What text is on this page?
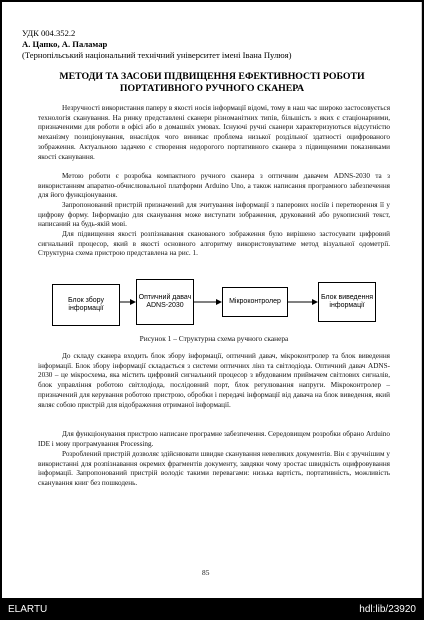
УДК 004.352.2
А. Цапко, А. Паламар
(Тернопільський національний технічний університет імені Івана Пулюя)
МЕТОДИ ТА ЗАСОБИ ПІДВИЩЕННЯ ЕФЕКТИВНОСТІ РОБОТИ
ПОРТАТИВНОГО РУЧНОГО СКАНЕРА
Незручності використання паперу в якості носія інформації відомі, тому в наш час широко застосовується технологія сканування. На ринку представлені сканери різноманітних типів, більшість з яких є стаціонарними, призначеними для роботи в офісі або в домашніх умовах. Існуючі ручні сканери характеризуються відсутністю механізму позиціонування, внаслідок чого виникає проблема низької роздільної здатності оцифрованого зображення. Актуальною задачею є створення недорогого портативного сканера з підвищеними показниками якості сканування.
Метою роботи є розробка компактного ручного сканера з оптичним давачем ADNS-2030 та з використанням апаратно-обчислювальної платформи Arduino Uno, а також написання програмного забезпечення для його функціонування.
Запропонований пристрій призначений для зчитування інформації з паперових носіїв і перетворення її у цифрову форму. Інформацію для сканування може виступати зображення, друкований або рукописний текст, написаний на будь-якій мові.
Для підвищення якості розпізнавання сканованого зображення було вирішено застосувати цифровий сигнальний процесор, який в якості основного алгоритму використовуватиме метод візуальної одометрії. Структурна схема пристрою представлена на рис. 1.
Блок збору інформації
Оптичний давач ADNS-2030
Мікроконтролер
Блок виведення інформації
Рисунок 1 – Структурна схема ручного сканера
До складу сканера входить блок збору інформації, оптичний давач, мікроконтролер та блок виведення інформації. Блок збору інформації складається з системи оптичних лінз та світлодіода. Оптичний давач ADNS-2030 – це мікросхема, яка містить цифровий сигнальний процесор з вбудованим приймачем світлових сигналів, блок управління роботою світлодіода, послідовний порт, блок регулювання напруги. Мікроконтролер – призначений для керування роботою пристрою, обробки і передачі інформації від давача на блок виведення, який являє собою пристрій для відображення отриманої інформації.
Для функціонування пристрою написане програмне забезпечення. Середовищем розробки обрано Arduino IDE і мову програмування Processing.
Розроблений пристрій дозволяє здійснювати швидке сканування невеликих документів. Він є зручнішим у використанні для розпізнавання окремих фрагментів документу, завдяки чому зростає швидкість оцифровування інформації. Запропонований пристрій володіє такими перевагами: низька вартість, портативність, можливість сканування книг без пошкодень.
85
ELARTU	hdl:lib/23920
